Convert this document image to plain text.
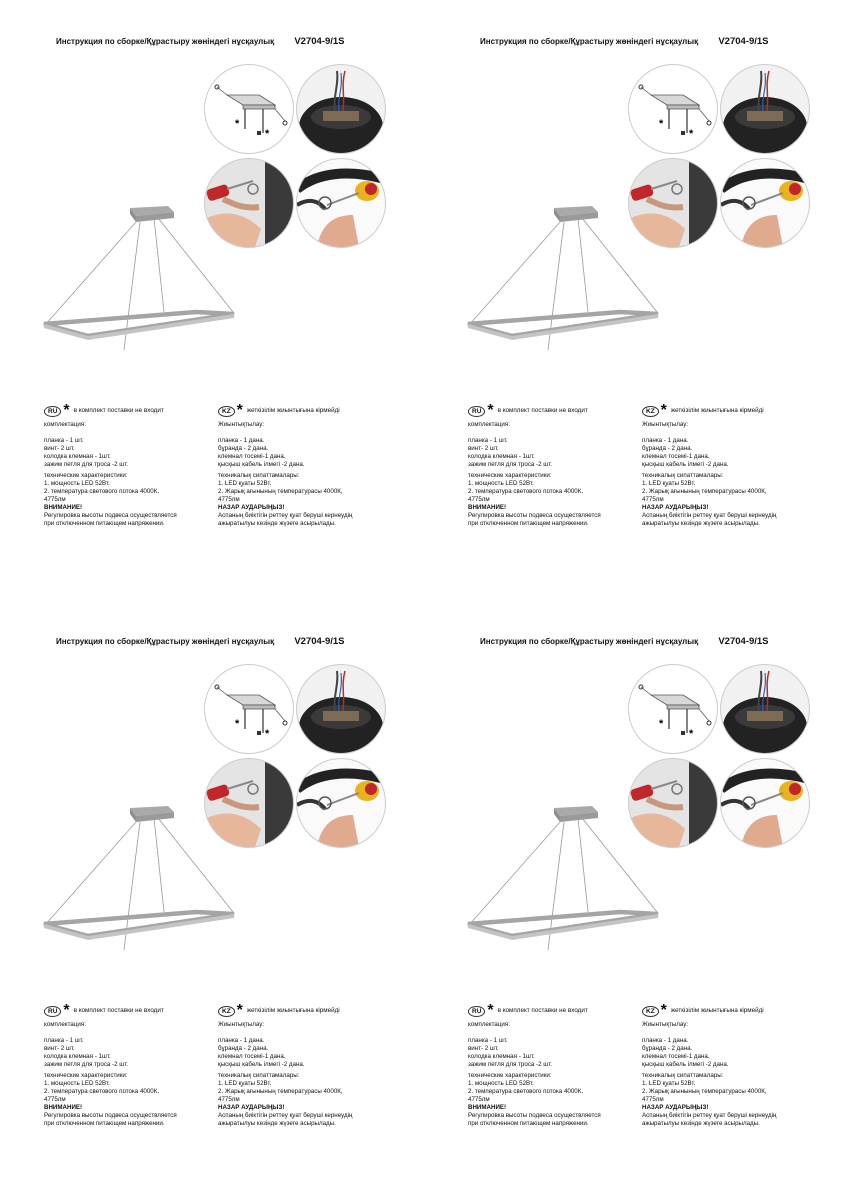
Инструкция по сборке/Құрастыру жөніндегі нұсқаулық V2704-9/1S
*
*
RU * в комплект поставки не входит

комплектация:

планка - 1 шт.

винт- 2 шт.

колодка клемная - 1шт.

зажим петля для троса -2 шт.

технические характеристики:

1. мощность LED 52Вт.

2. температура светового потока 4000К,

4775лм

ВНИМАНИЕ!

Регулировка высоты подвеса осуществляется

при отключенном питающем напряжении.

KZ * жеткізілім жиынтығына кірмейді

Жиынтықтылау:

планка - 1 дана.

бұранда - 2 дана.

клемнал тосемі-1 дана.

қысқыш кабель ілмегі -2 дана.

техникалық сипаттамалары:

1. LED қуаты 52Вт.

2. Жарық ағынының температурасы 4000К,

4775лм

НАЗАР АУДАРЫҢЫЗ!

Аспаның биіктігін реттеу қуат беруші кернеудің

ажыратылуы кезінде жүзеге асырылады.

Инструкция по сборке/Құрастыру жөніндегі нұсқаулық V2704-9/1S
*
*
RU * в комплект поставки не входит

комплектация:

планка - 1 шт.

винт- 2 шт.

колодка клемная - 1шт.

зажим петля для троса -2 шт.

технические характеристики:

1. мощность LED 52Вт.

2. температура светового потока 4000К,

4775лм

ВНИМАНИЕ!

Регулировка высоты подвеса осуществляется

при отключенном питающем напряжении.

KZ * жеткізілім жиынтығына кірмейді

Жиынтықтылау:

планка - 1 дана.

бұранда - 2 дана.

клемнал тосемі-1 дана.

қысқыш кабель ілмегі -2 дана.

техникалық сипаттамалары:

1. LED қуаты 52Вт.

2. Жарық ағынының температурасы 4000К,

4775лм

НАЗАР АУДАРЫҢЫЗ!

Аспаның биіктігін реттеу қуат беруші кернеудің

ажыратылуы кезінде жүзеге асырылады.

Инструкция по сборке/Құрастыру жөніндегі нұсқаулық V2704-9/1S
*
*
RU * в комплект поставки не входит

комплектация:

планка - 1 шт.

винт- 2 шт.

колодка клемная - 1шт.

зажим петля для троса -2 шт.

технические характеристики:

1. мощность LED 52Вт.

2. температура светового потока 4000К,

4775лм

ВНИМАНИЕ!

Регулировка высоты подвеса осуществляется

при отключенном питающем напряжении.

KZ * жеткізілім жиынтығына кірмейді

Жиынтықтылау:

планка - 1 дана.

бұранда - 2 дана.

клемнал тосемі-1 дана.

қысқыш кабель ілмегі -2 дана.

техникалық сипаттамалары:

1. LED қуаты 52Вт.

2. Жарық ағынының температурасы 4000К,

4775лм

НАЗАР АУДАРЫҢЫЗ!

Аспаның биіктігін реттеу қуат беруші кернеудің

ажыратылуы кезінде жүзеге асырылады.

Инструкция по сборке/Құрастыру жөніндегі нұсқаулық V2704-9/1S
*
*
RU * в комплект поставки не входит

комплектация:

планка - 1 шт.

винт- 2 шт.

колодка клемная - 1шт.

зажим петля для троса -2 шт.

технические характеристики:

1. мощность LED 52Вт.

2. температура светового потока 4000К,

4775лм

ВНИМАНИЕ!

Регулировка высоты подвеса осуществляется

при отключенном питающем напряжении.

KZ * жеткізілім жиынтығына кірмейді

Жиынтықтылау:

планка - 1 дана.

бұранда - 2 дана.

клемнал тосемі-1 дана.

қысқыш кабель ілмегі -2 дана.

техникалық сипаттамалары:

1. LED қуаты 52Вт.

2. Жарық ағынының температурасы 4000К,

4775лм

НАЗАР АУДАРЫҢЫЗ!

Аспаның биіктігін реттеу қуат беруші кернеудің

ажыратылуы кезінде жүзеге асырылады.
